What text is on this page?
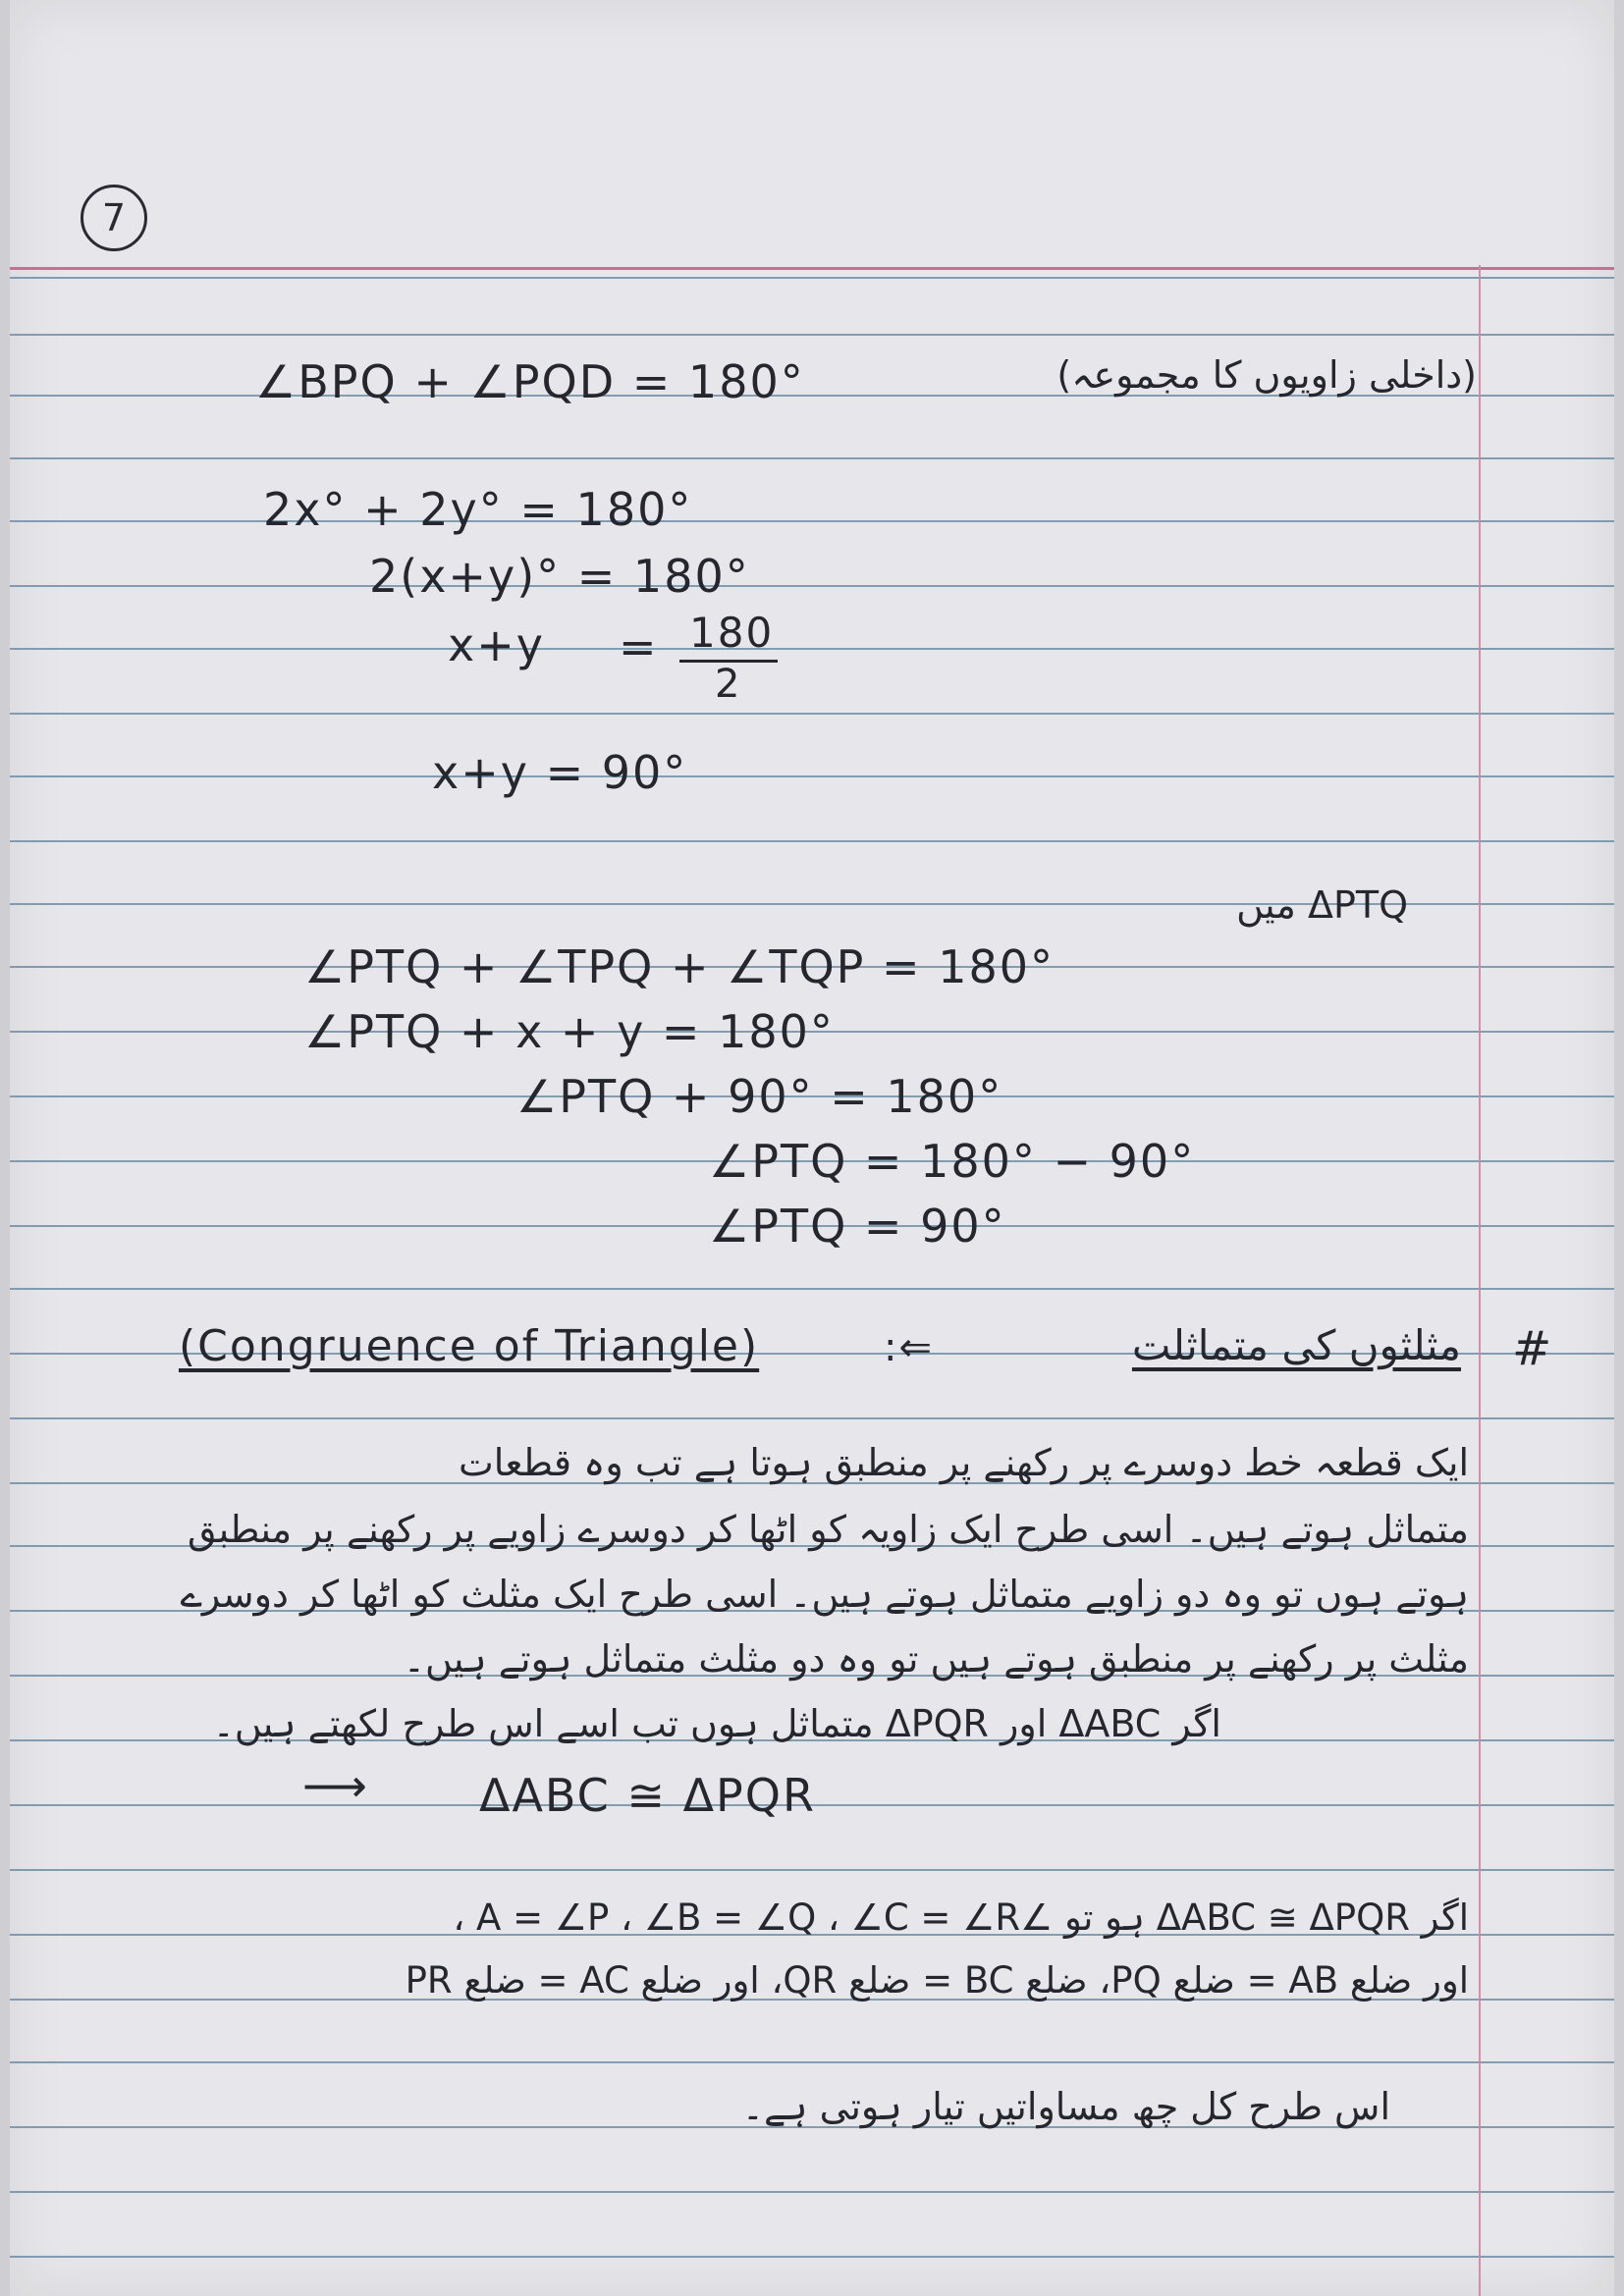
7
∠BPQ + ∠PQD = 180°	(داخلی زاویوں کا مجموعہ)
2x° + 2y° = 180°
2(x+y)° = 180°
x+y = 180
2
x+y = 90°
ΔPTQ میں
∠PTQ + ∠TPQ + ∠TQP = 180°
∠PTQ + x + y = 180°
∠PTQ + 90° = 180°
∠PTQ = 180° − 90°
∠PTQ = 90°
#
مثلثوں کی متماثلت
:⇐
(Congruence of Triangle)
ایک قطعہ خط دوسرے پر رکھنے پر منطبق ہوتا ہے تب وہ قطعات
متماثل ہوتے ہیں۔ اسی طرح ایک زاویہ کو اٹھا کر دوسرے زاویے پر رکھنے پر منطبق
ہوتے ہوں تو وہ دو زاویے متماثل ہوتے ہیں۔ اسی طرح ایک مثلث کو اٹھا کر دوسرے
مثلث پر رکھنے پر منطبق ہوتے ہیں تو وہ دو مثلث متماثل ہوتے ہیں۔
اگر ΔABC اور ΔPQR متماثل ہوں تب اسے اس طرح لکھتے ہیں۔
⟶ ΔABC ≅ ΔPQR
اگر ΔABC ≅ ΔPQR ہو تو ∠A = ∠P ، ∠B = ∠Q ، ∠C = ∠R ،
اور ضلع AB = ضلع PQ، ضلع BC = ضلع QR، اور ضلع AC = ضلع PR
اس طرح کل چھ مساواتیں تیار ہوتی ہے۔
